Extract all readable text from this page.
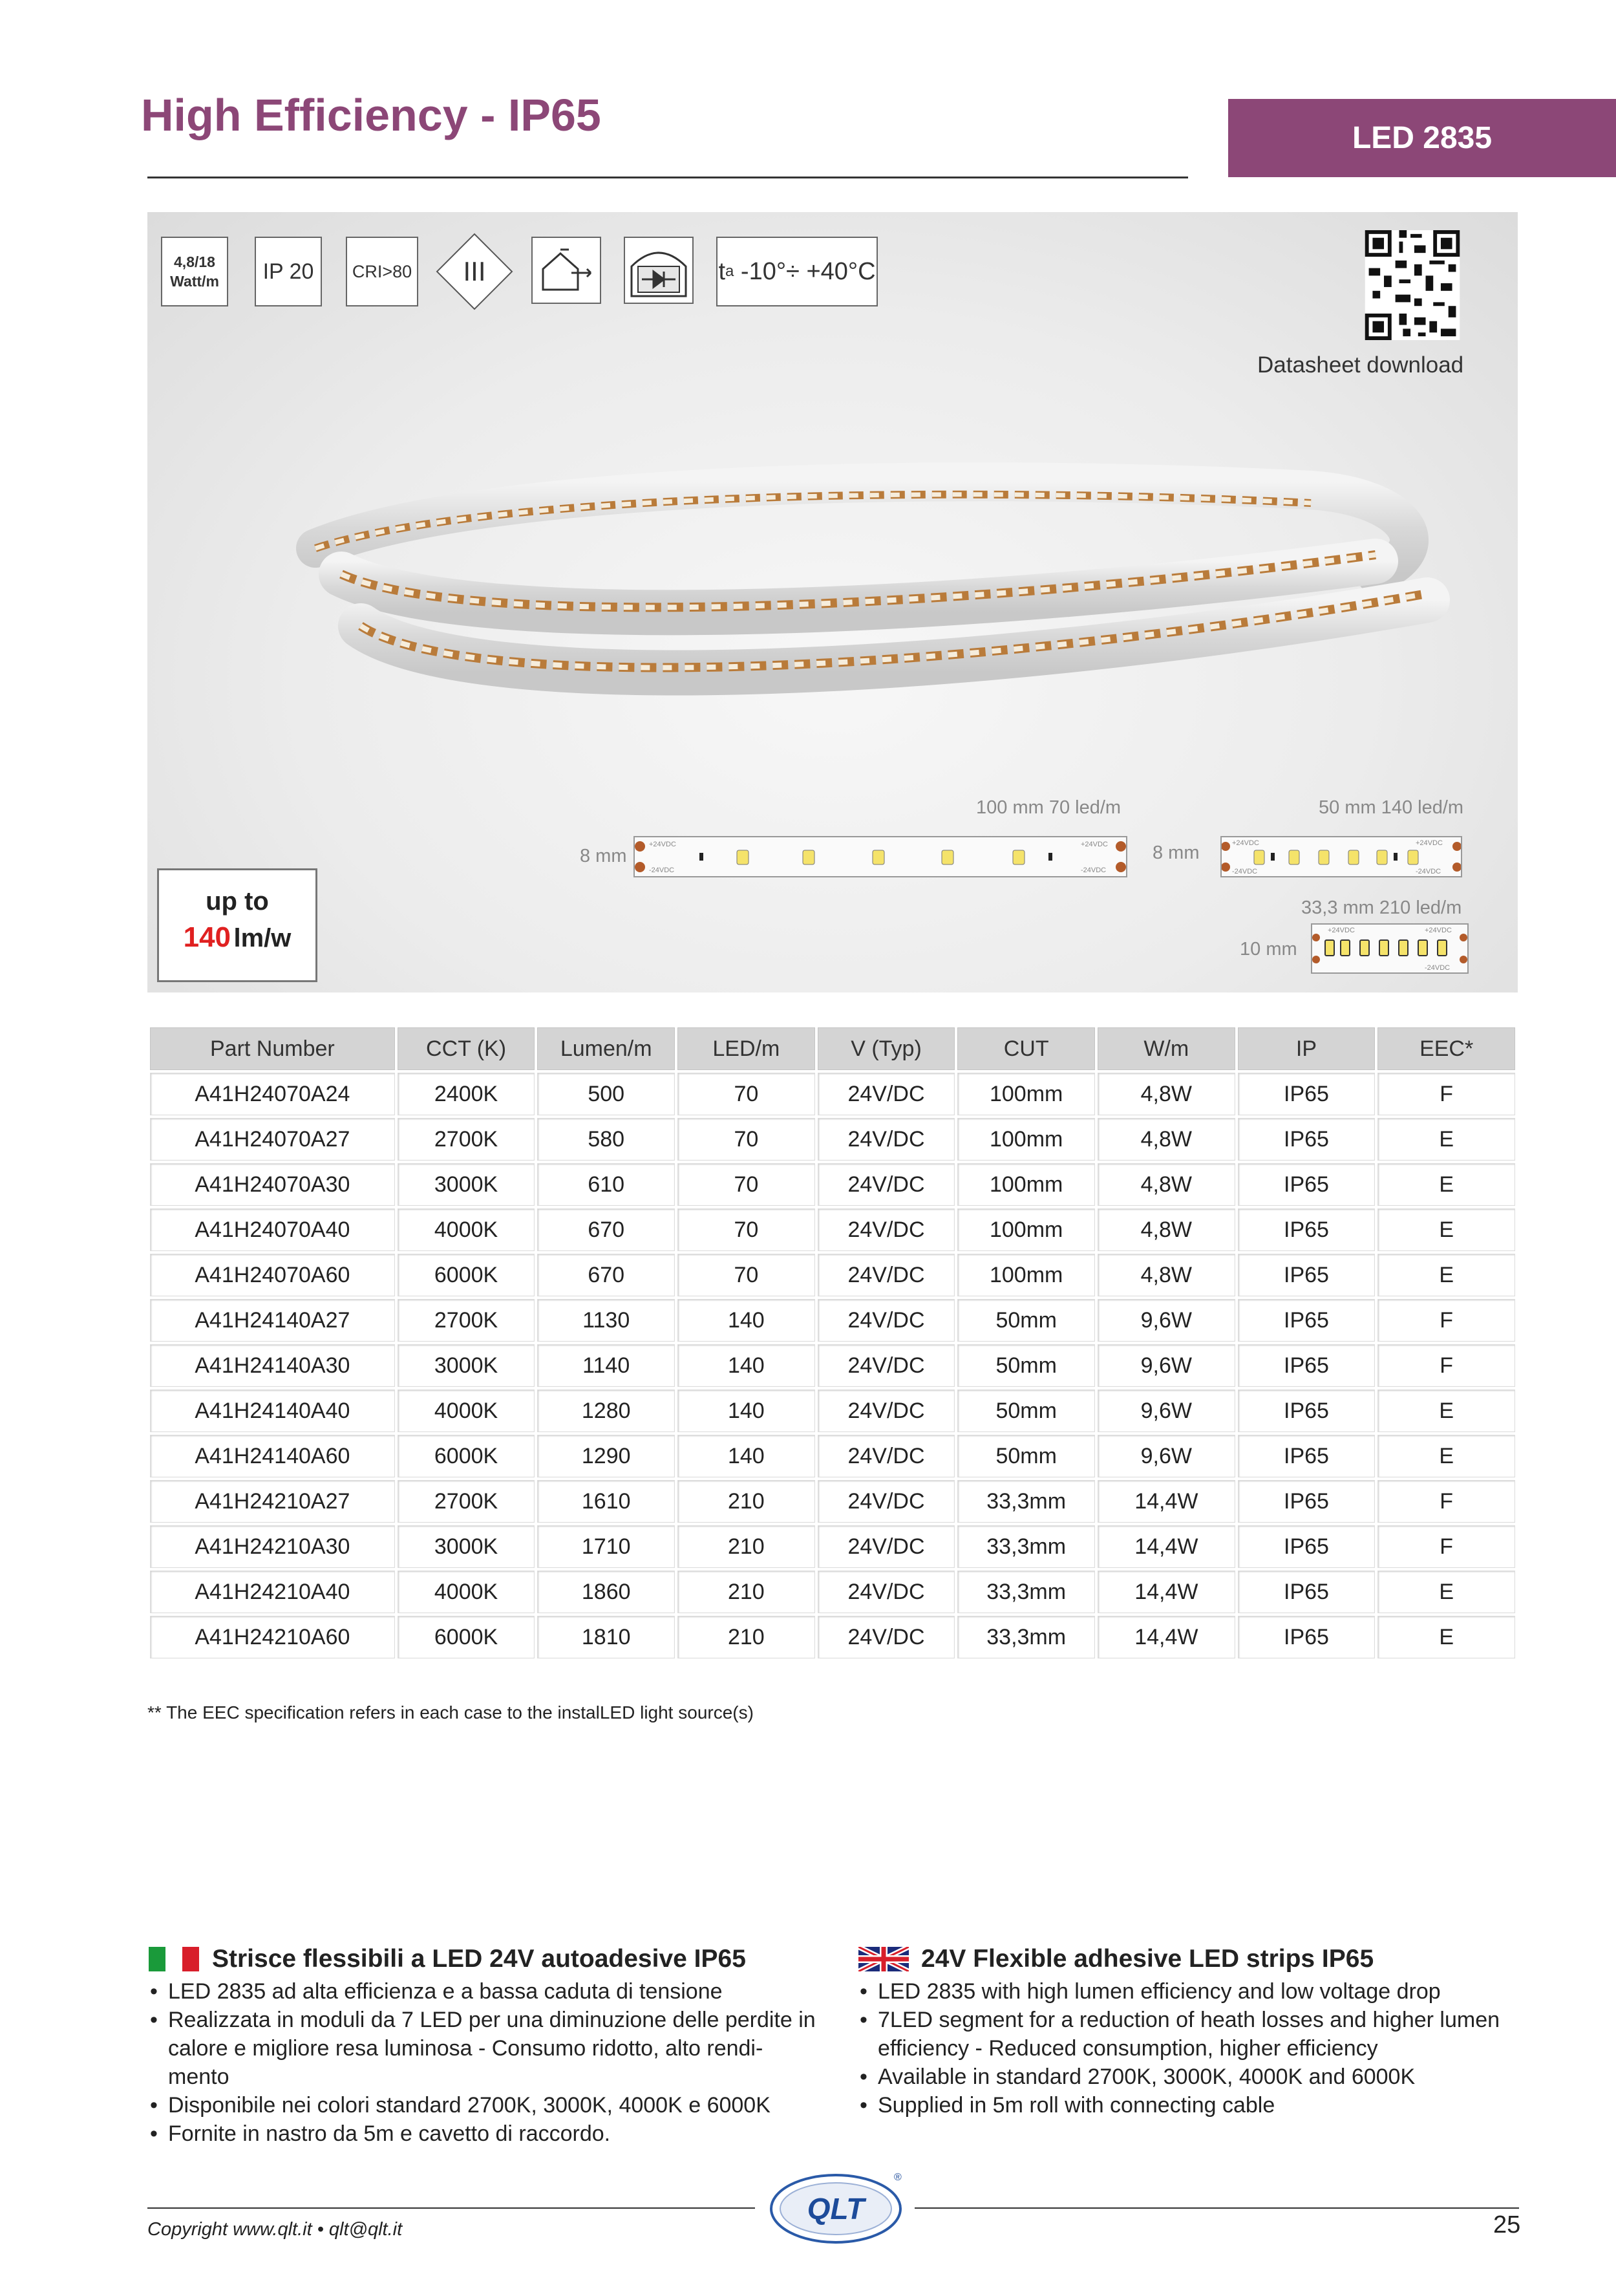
High Efficiency - IP65	LED 2835
4,8/18
Watt/m	IP 20	CRI>80 III	t a
-10°÷ +40°C
Datasheet download
100 mm 70 led/m
8 mm
+24VDC
-24VDC
+24VDC
-24VDC
50 mm 140 led/m
8 mm	+24VDC
-24VDC
+24VDC
-24VDC
33,3 mm 210 led/m
10 mm
+24VDC	+24VDC
-24VDC
up to
140 lm/w
Part Number	CCT (K)	Lumen/m	LED/m	V (Typ)	CUT	W/m	IP	EEC*
A41H24070A24	2400K	500	70	24V/DC	100mm	4,8W	IP65	F
A41H24070A27	2700K	580	70	24V/DC	100mm	4,8W	IP65	E
A41H24070A30	3000K	610	70	24V/DC	100mm	4,8W	IP65	E
A41H24070A40	4000K	670	70	24V/DC	100mm	4,8W	IP65	E
A41H24070A60	6000K	670	70	24V/DC	100mm	4,8W	IP65	E
A41H24140A27	2700K	1130	140	24V/DC	50mm	9,6W	IP65	F
A41H24140A30	3000K	1140	140	24V/DC	50mm	9,6W	IP65	F
A41H24140A40	4000K	1280	140	24V/DC	50mm	9,6W	IP65	E
A41H24140A60	6000K	1290	140	24V/DC	50mm	9,6W	IP65	E
A41H24210A27	2700K	1610	210	24V/DC	33,3mm	14,4W	IP65	F
A41H24210A30	3000K	1710	210	24V/DC	33,3mm	14,4W	IP65	F
A41H24210A40	4000K	1860	210	24V/DC	33,3mm	14,4W	IP65	E
A41H24210A60	6000K	1810	210	24V/DC	33,3mm	14,4W	IP65	E
** The EEC specification refers in each case to the instalLED light source(s)
Strisce flessibili a LED 24V autoadesive IP65
• LED 2835 ad alta efficienza e a bassa caduta di tensione
• Realizzata in moduli da 7 LED per una diminuzione delle perdite in calore e migliore resa luminosa - Consumo ridotto, alto rendi-mento
• Disponibile nei colori standard 2700K, 3000K, 4000K e 6000K
• Fornite in nastro da 5m e cavetto di raccordo.
24V Flexible adhesive LED strips IP65
• LED 2835 with high lumen efficiency and low voltage drop
• 7LED segment for a reduction of heath losses and higher lumen efficiency - Reduced consumption, higher efficiency
• Available in standard 2700K, 3000K, 4000K and 6000K
• Supplied in 5m roll with connecting cable
QLT
®
Copyright www.qlt.it • qlt@qlt.it	25
